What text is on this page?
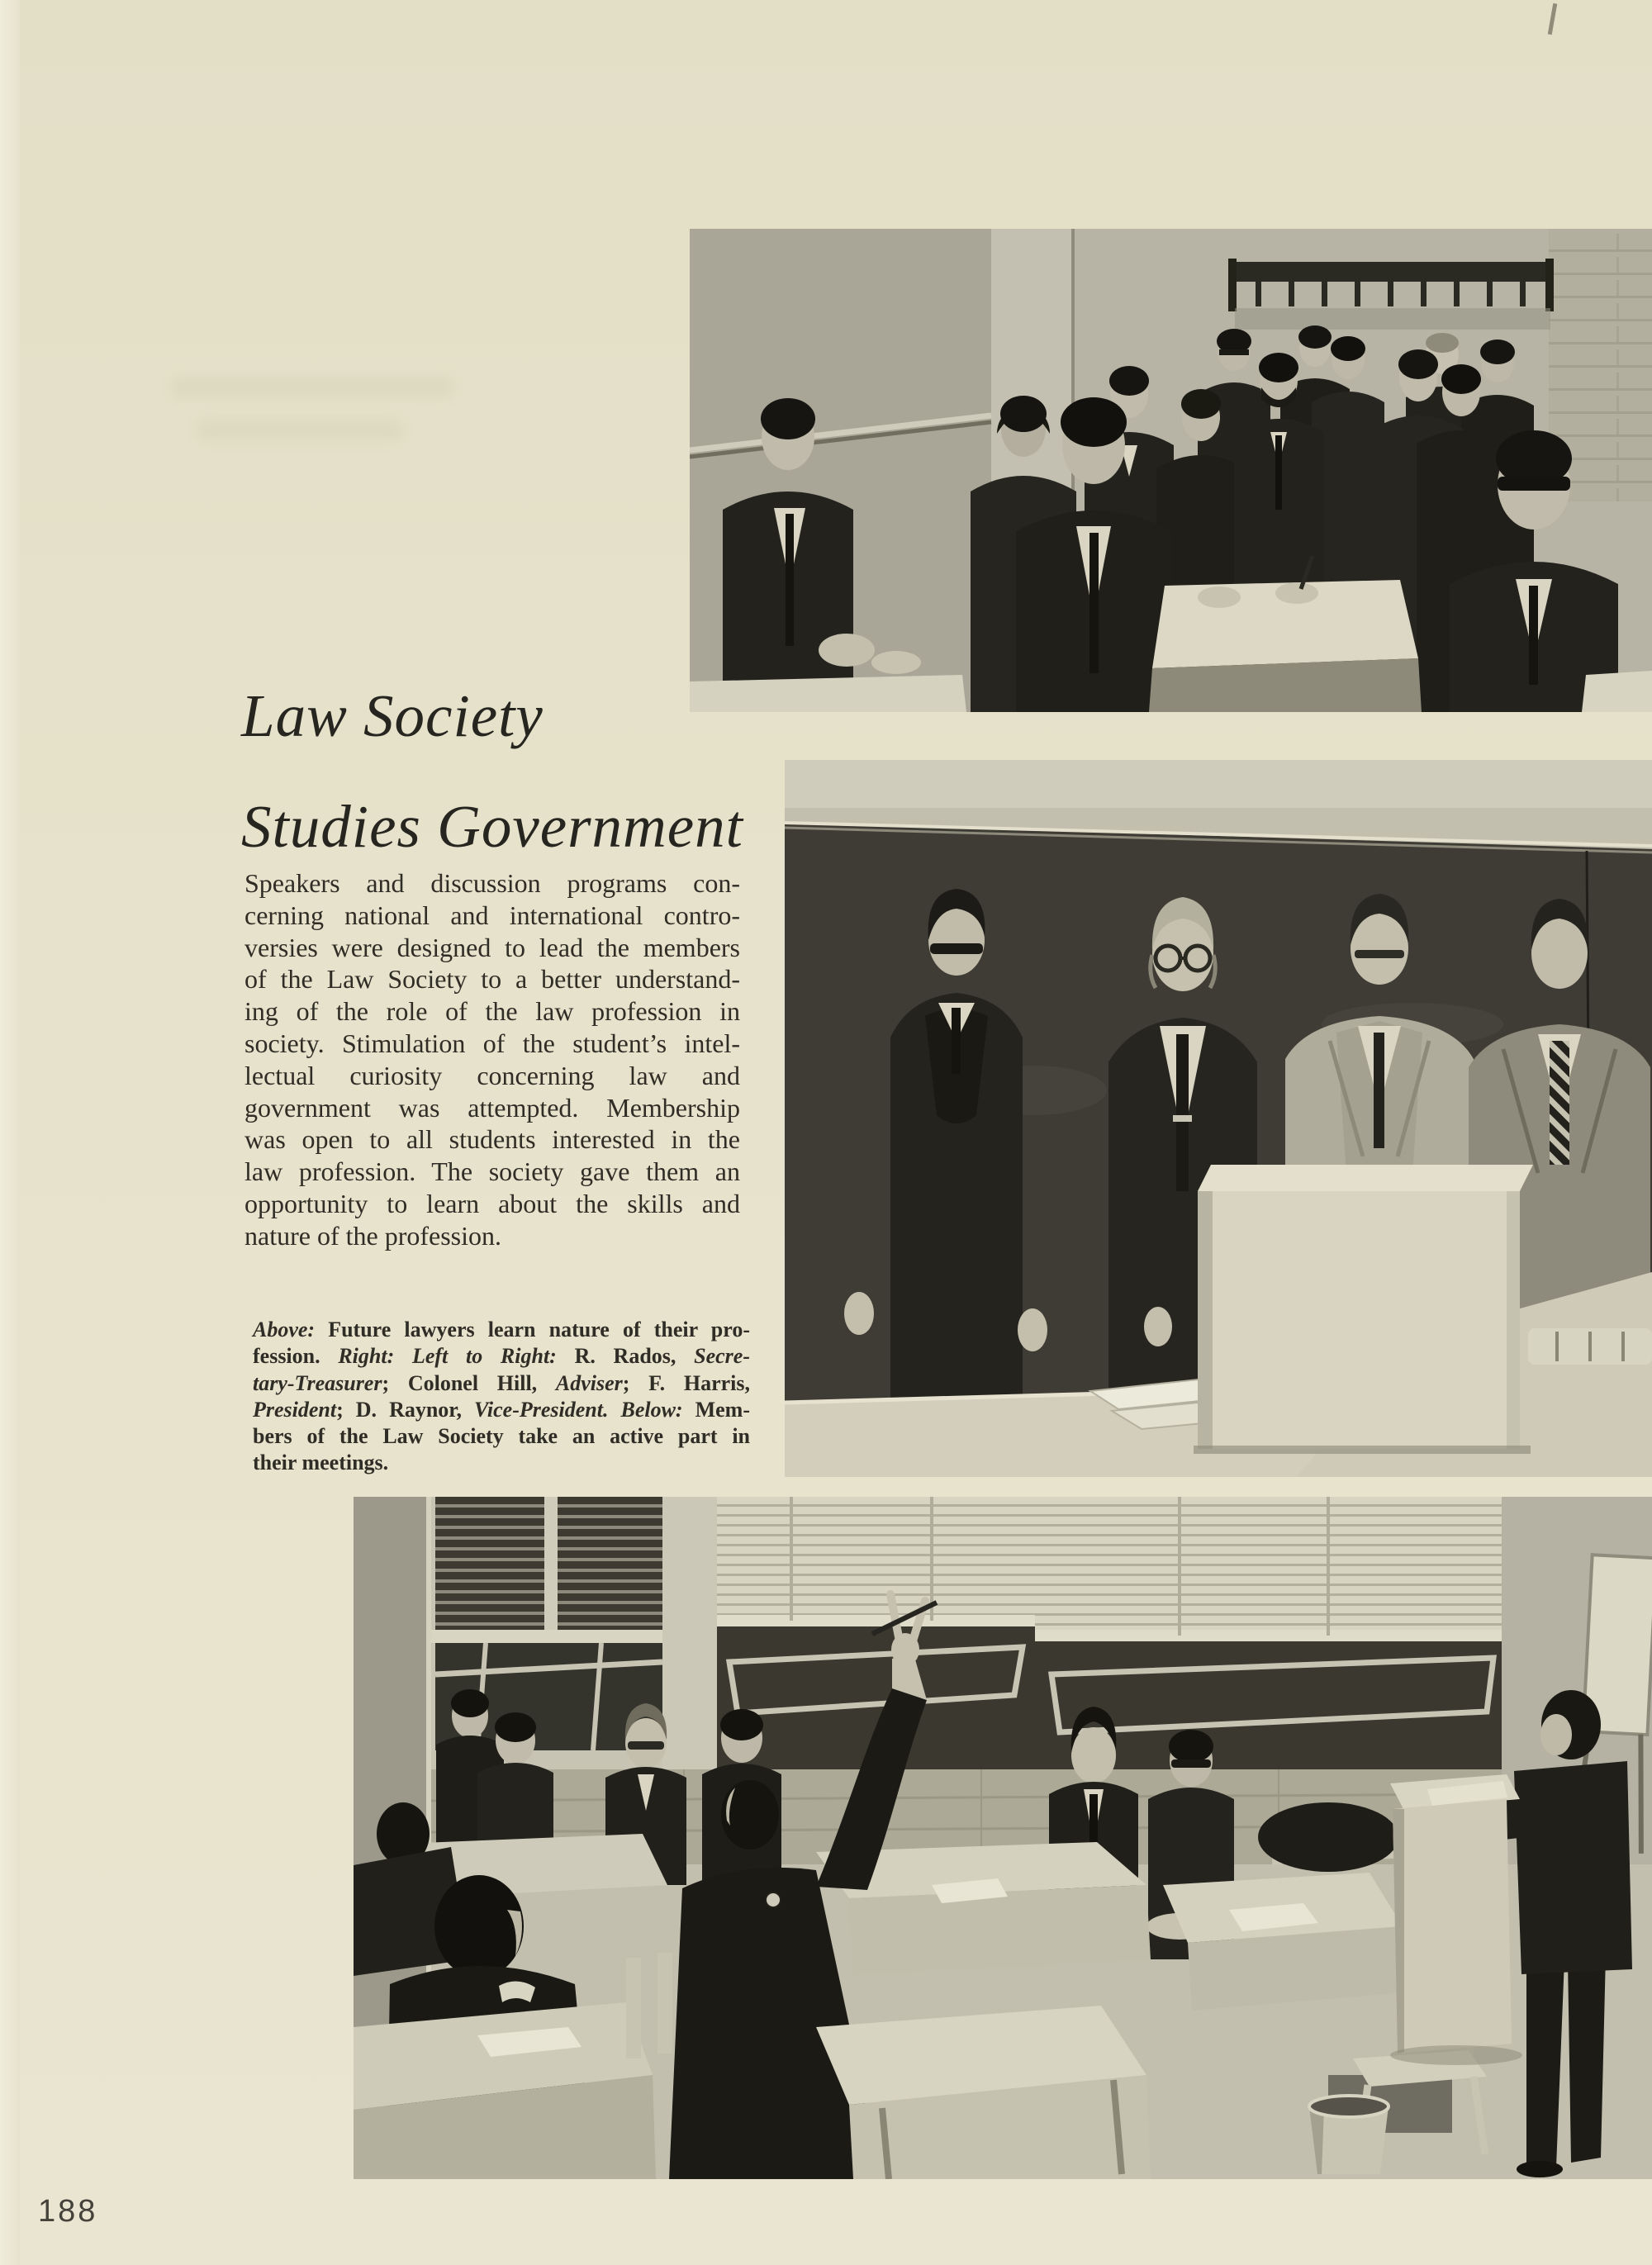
Law Society
Studies Government
Speakers and discussion programs con-
cerning national and international contro-
versies were designed to lead the members
of the Law Society to a better understand-
ing of the role of the law profession in
society. Stimulation of the student’s intel-
lectual curiosity concerning law and
government was attempted. Membership
was open to all students interested in the
law profession. The society gave them an
opportunity to learn about the skills and
nature of the profession.
Above: Future lawyers learn nature of their pro-
fession. Right: Left to Right: R. Rados, Secre-
tary-Treasurer; Colonel Hill, Adviser; F. Harris,
President; D. Raynor, Vice-President. Below: Mem-
bers of the Law Society take an active part in
their meetings.
188
